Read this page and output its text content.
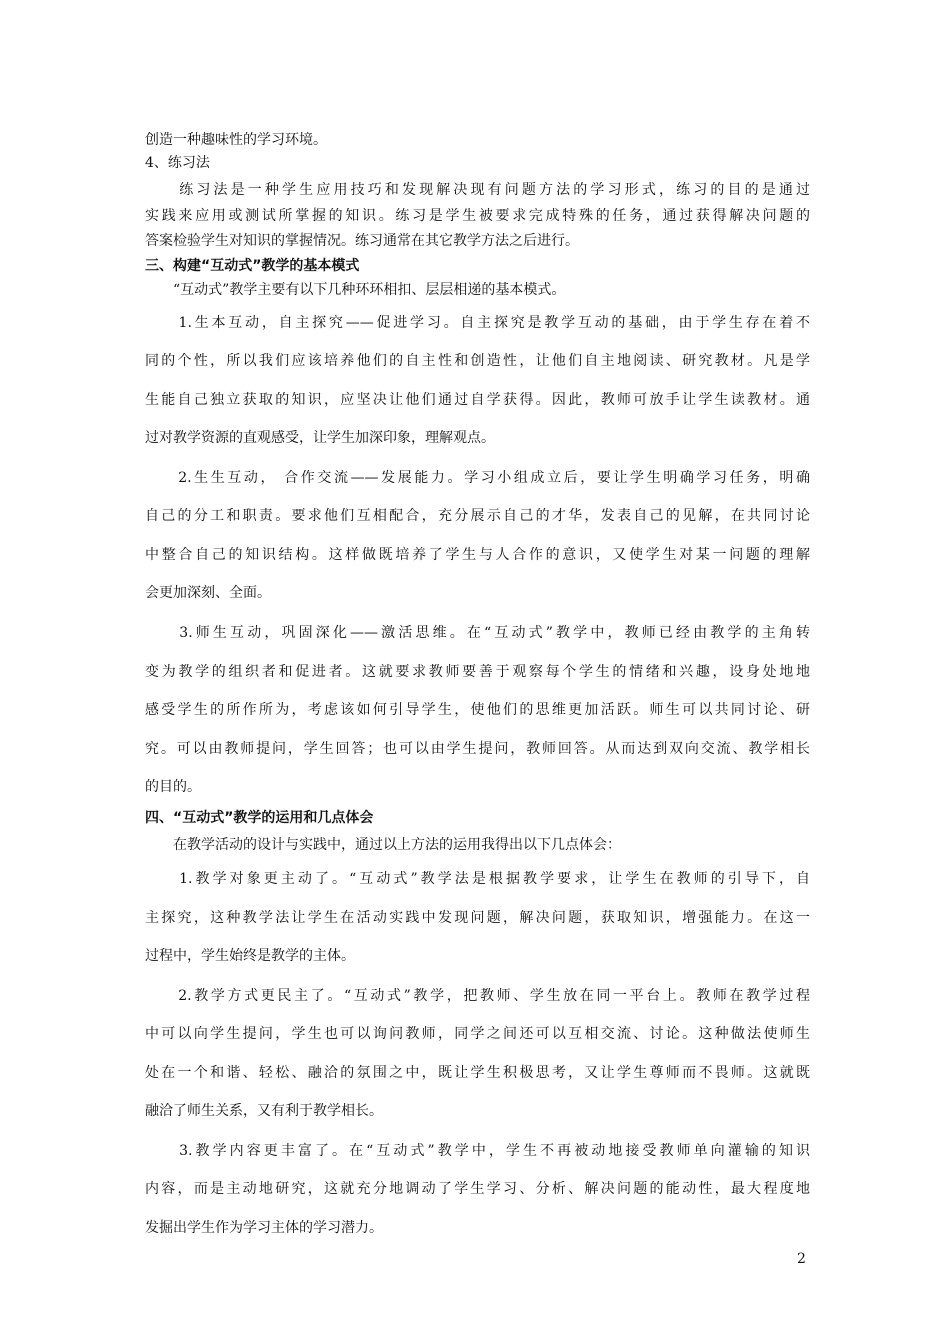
创造一种趣味性的学习环境。
4、练习法
　　练习法是一种学生应用技巧和发现解决现有问题方法的学习形式，练习的目的是通过
实践来应用或测试所掌握的知识。练习是学生被要求完成特殊的任务，通过获得解决问题的
答案检验学生对知识的掌握情况。练习通常在其它教学方法之后进行。
三、构建“互动式”教学的基本模式
　　“互动式”教学主要有以下几种环环相扣、层层相递的基本模式。
　　1.生本互动，自主探究——促进学习。自主探究是教学互动的基础，由于学生存在着不
同的个性，所以我们应该培养他们的自主性和创造性，让他们自主地阅读、研究教材。凡是学
生能自己独立获取的知识，应坚决让他们通过自学获得。因此，教师可放手让学生读教材。通
过对教学资源的直观感受，让学生加深印象，理解观点。
　　2.生生互动， 合作交流——发展能力。学习小组成立后，要让学生明确学习任务，明确
自己的分工和职责。要求他们互相配合，充分展示自己的才华，发表自己的见解，在共同讨论
中整合自己的知识结构。这样做既培养了学生与人合作的意识，又使学生对某一问题的理解
会更加深刻、全面。
　　3.师生互动，巩固深化——激活思维。在“互动式”教学中，教师已经由教学的主角转
变为教学的组织者和促进者。这就要求教师要善于观察每个学生的情绪和兴趣，设身处地地
感受学生的所作所为，考虑该如何引导学生，使他们的思维更加活跃。师生可以共同讨论、研
究。可以由教师提问，学生回答；也可以由学生提问，教师回答。从而达到双向交流、教学相长
的目的。
四、“互动式”教学的运用和几点体会
　　在教学活动的设计与实践中，通过以上方法的运用我得出以下几点体会：
　　1.教学对象更主动了。“互动式”教学法是根据教学要求，让学生在教师的引导下，自
主探究，这种教学法让学生在活动实践中发现问题，解决问题，获取知识，增强能力。在这一
过程中，学生始终是教学的主体。
　　2.教学方式更民主了。“互动式”教学，把教师、学生放在同一平台上。教师在教学过程
中可以向学生提问，学生也可以询问教师，同学之间还可以互相交流、讨论。这种做法使师生
处在一个和谐、轻松、融洽的氛围之中，既让学生积极思考，又让学生尊师而不畏师。这就既
融洽了师生关系，又有利于教学相长。
　　3.教学内容更丰富了。在“互动式”教学中，学生不再被动地接受教师单向灌输的知识
内容，而是主动地研究，这就充分地调动了学生学习、分析、解决问题的能动性，最大程度地
发掘出学生作为学习主体的学习潜力。
2
